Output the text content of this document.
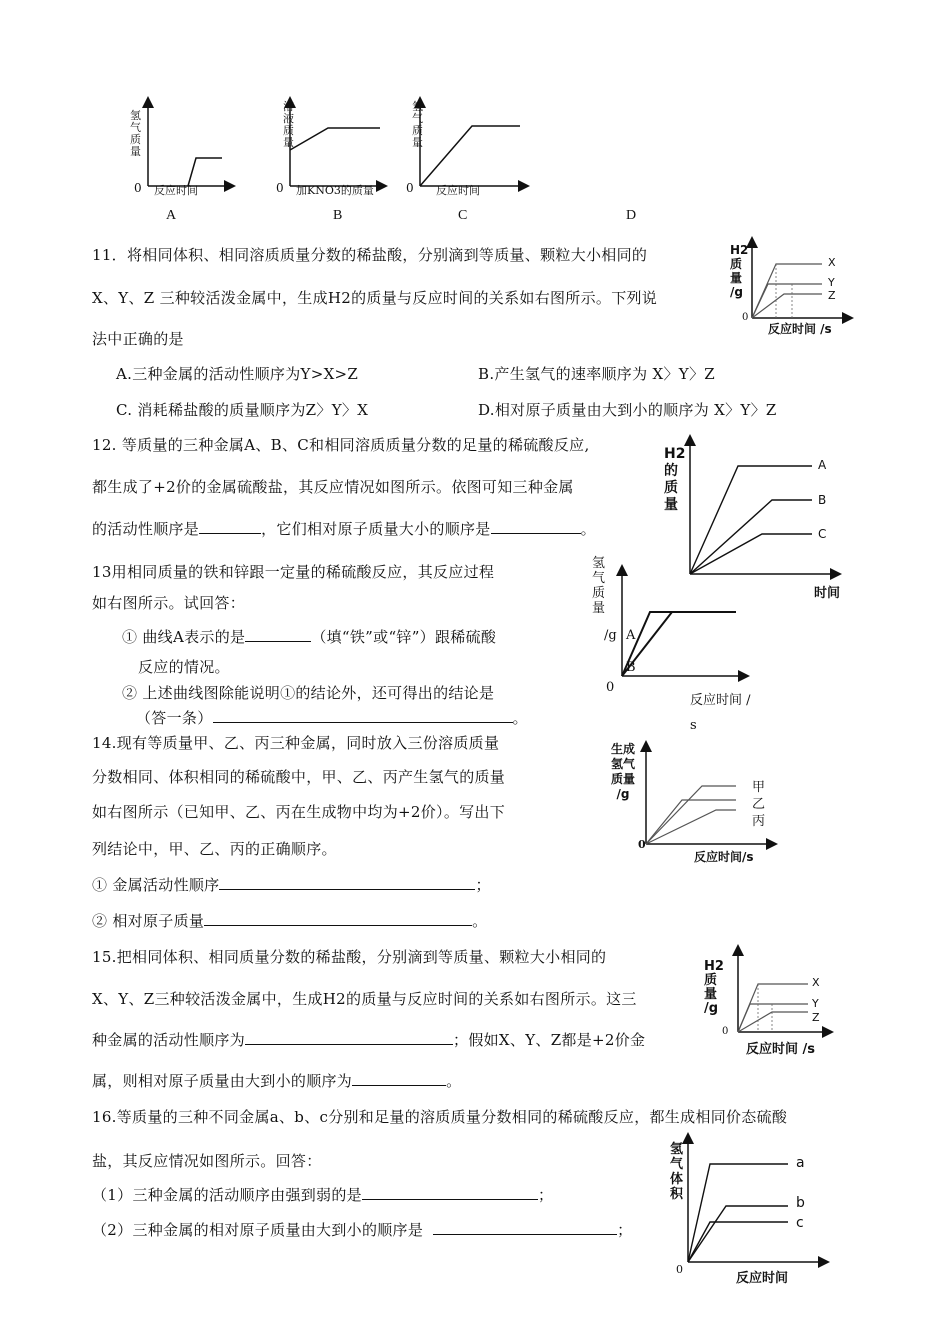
氢气质量
0 反应时间
A
溶液质量
0 加KNO3的质量
B
氢气质量
0 反应时间
C	D
11．将相同体积、相同溶质质量分数的稀盐酸，分别滴到等质量、颗粒大小相同的
X、Y、Z 三种较活泼金属中，生成H2的质量与反应时间的关系如右图所示。下列说
法中正确的是
A.三种金属的活动性顺序为Y>X>Z	B.产生氢气的速率顺序为 X〉Y〉Z
C. 消耗稀盐酸的质量顺序为Z〉Y〉X	D.相对原子质量由大到小的顺序为 X〉Y〉Z
H2
质
量
/g
0
反应时间 /s
X
Y
Z
12. 等质量的三种金属A、B、C和相同溶质质量分数的足量的稀硫酸反应,
都生成了+2价的金属硫酸盐，其反应情况如图所示。依图可知三种金属
的活动性顺序是	，它们相对原子质量大小的顺序是	。
H2
的
质
量
时间
A
B
C
13用相同质量的铁和锌跟一定量的稀硫酸反应，其反应过程
如右图所示。试回答：
① 曲线A表示的是	（填“铁”或“锌”）跟稀硫酸
反应的情况。
② 上述曲线图除能说明①的结论外，还可得出的结论是
（答一条）	。
氢
气
质
量
/g
0
A
B
反应时间 /
s
14.现有等质量甲、乙、丙三种金属，同时放入三份溶质质量
分数相同、体积相同的稀硫酸中，甲、乙、丙产生氢气的质量
如右图所示（已知甲、乙、丙在生成物中均为+2价）。写出下
列结论中，甲、乙、丙的正确顺序。
① 金属活动性顺序	；
② 相对原子质量	。
生成
氢气
质量
/g
0
反应时间/s
甲
乙
丙
15.把相同体积、相同质量分数的稀盐酸，分别滴到等质量、颗粒大小相同的
X、Y、Z三种较活泼金属中，生成H2的质量与反应时间的关系如右图所示。这三
种金属的活动性顺序为	；假如X、Y、Z都是+2价金
属，则相对原子质量由大到小的顺序为	。
H2
质
量
/g
0
反应时间 /s
X
Y
Z
16.等质量的三种不同金属a、b、c分别和足量的溶质质量分数相同的稀硫酸反应，都生成相同价态硫酸
盐，其反应情况如图所示。回答：
（1）三种金属的活动顺序由强到弱的是	；
（2）三种金属的相对原子质量由大到小的顺序是	；
氢
气
体
积
0
反应时间
a
b
c
